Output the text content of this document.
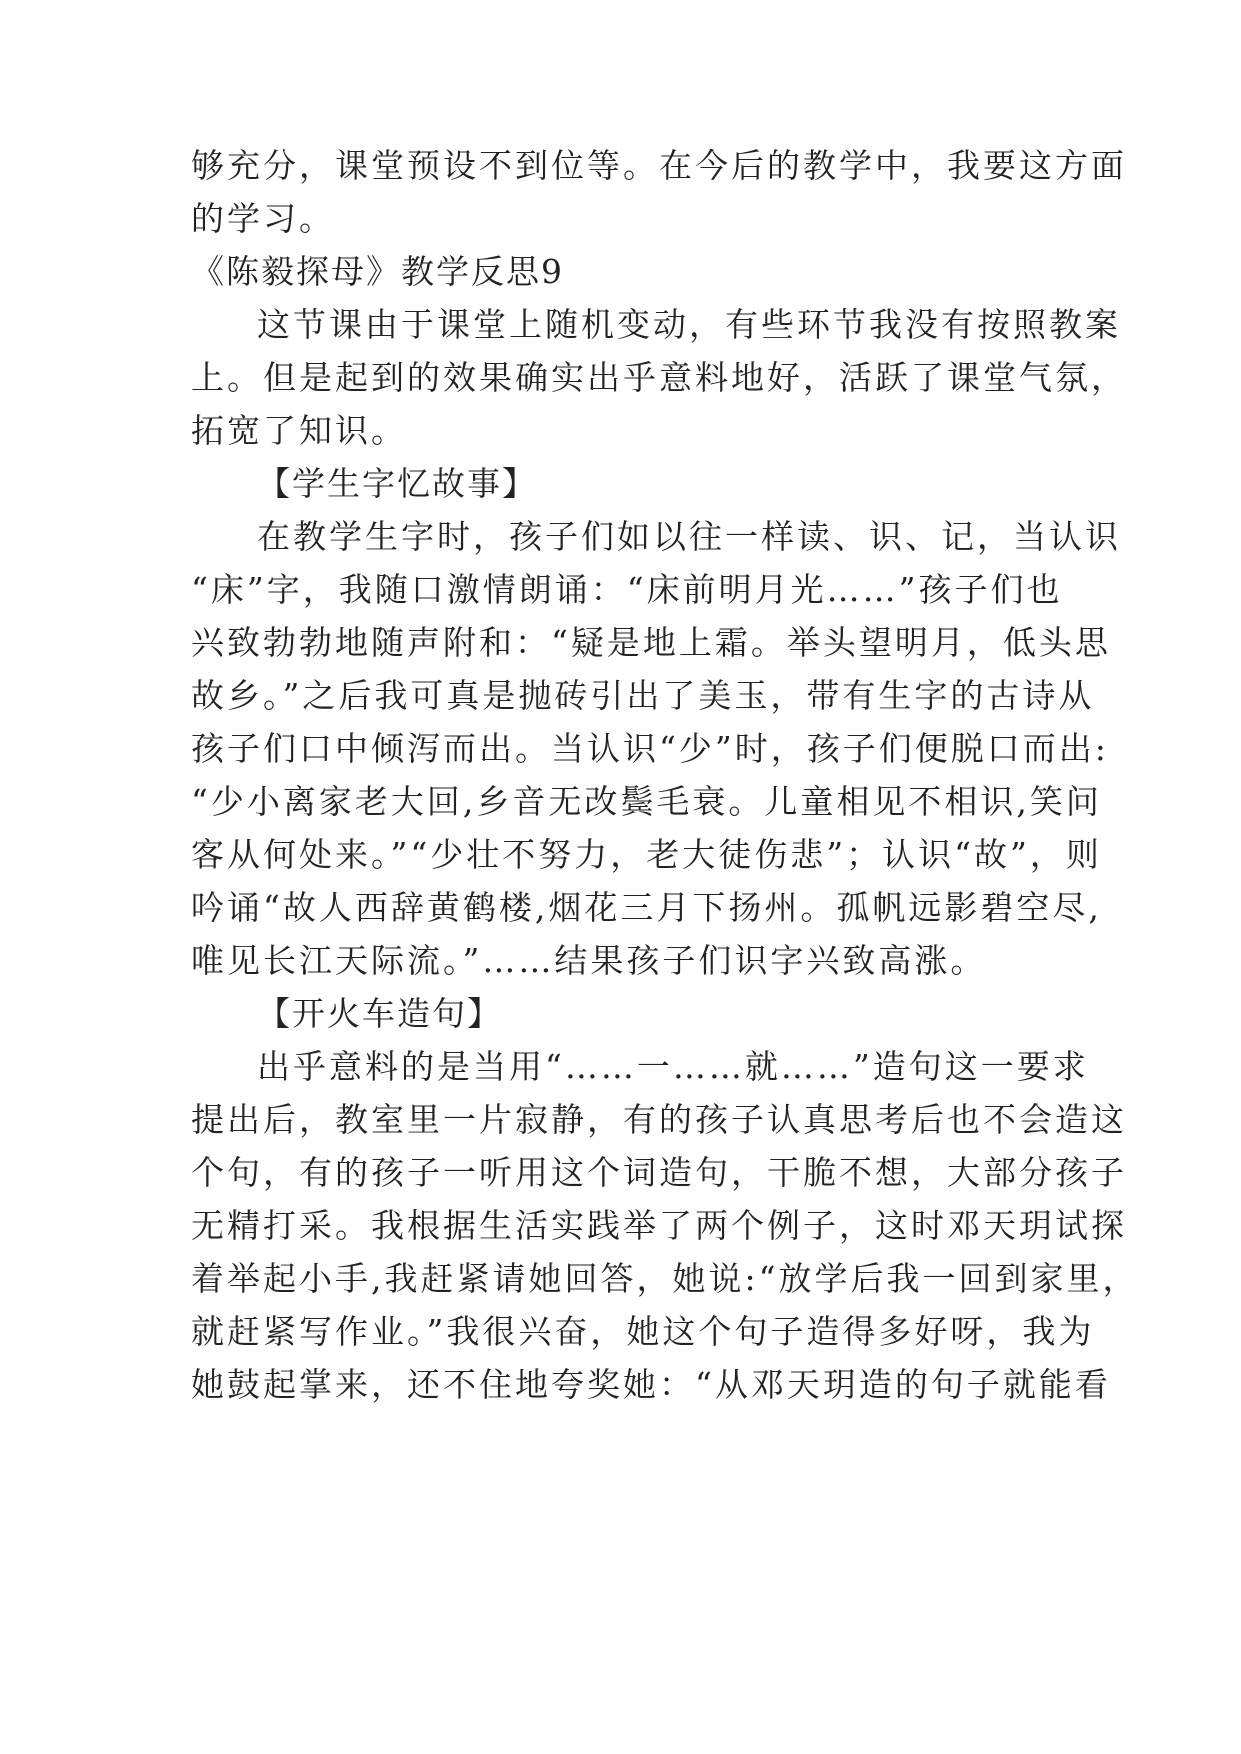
够充分，课堂预设不到位等。在今后的教学中，我要这方面

的学习。

《陈毅探母》教学反思9

这节课由于课堂上随机变动，有些环节我没有按照教案

上。但是起到的效果确实出乎意料地好，活跃了课堂气氛，

拓宽了知识。

【学生字忆故事】

在教学生字时，孩子们如以往一样读、识、记，当认识

“床”字，我随口激情朗诵：“床前明月光……”孩子们也

兴致勃勃地随声附和：“疑是地上霜。举头望明月，低头思

故乡。”之后我可真是抛砖引出了美玉，带有生字的古诗从

孩子们口中倾泻而出。当认识“少”时，孩子们便脱口而出:

“少小离家老大回,乡音无改鬓毛衰。儿童相见不相识,笑问

客从何处来。”“少壮不努力，老大徒伤悲”；认识“故”，则

吟诵“故人西辞黄鹤楼,烟花三月下扬州。孤帆远影碧空尽,

唯见长江天际流。”……结果孩子们识字兴致高涨。

【开火车造句】

出乎意料的是当用“……一……就……”造句这一要求

提出后，教室里一片寂静，有的孩子认真思考后也不会造这

个句，有的孩子一听用这个词造句，干脆不想，大部分孩子

无精打采。我根据生活实践举了两个例子，这时邓天玥试探

着举起小手,我赶紧请她回答，她说:“放学后我一回到家里，

就赶紧写作业。”我很兴奋，她这个句子造得多好呀，我为

她鼓起掌来，还不住地夸奖她：“从邓天玥造的句子就能看
